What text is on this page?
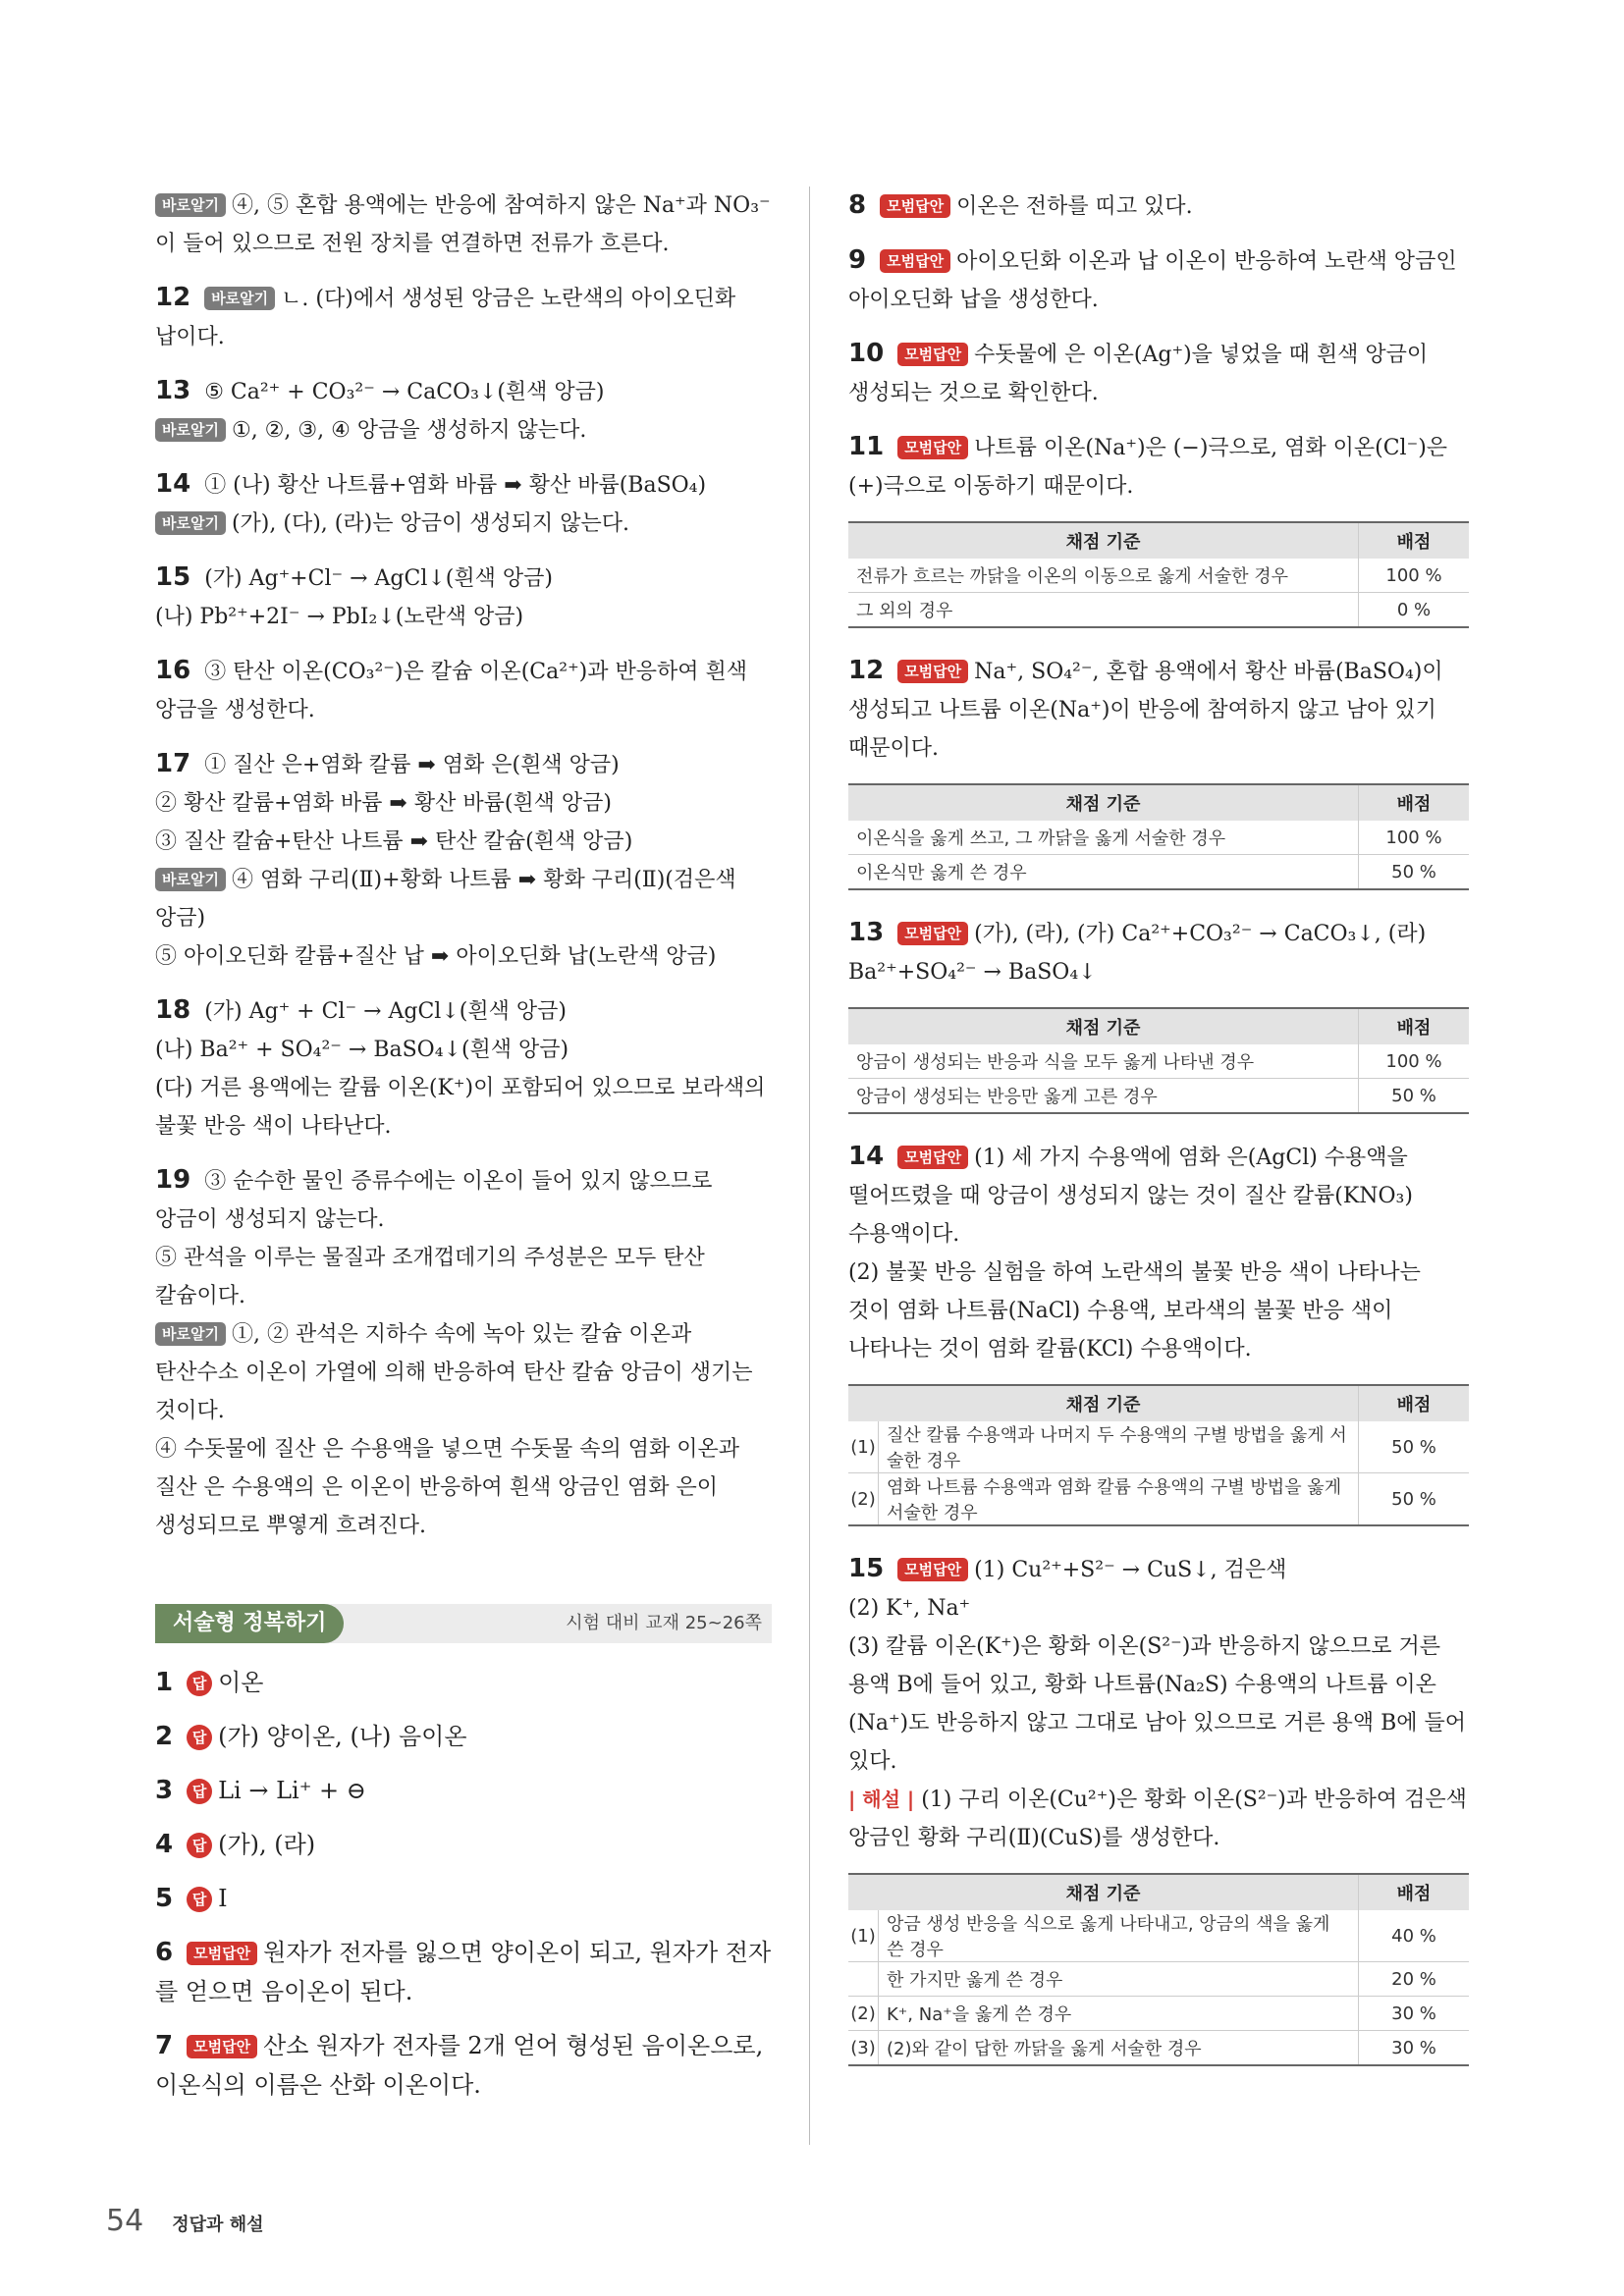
바로알기 ④, ⑤ 혼합 용액에는 반응에 참여하지 않은 Na⁺과 NO₃⁻이 들어 있으므로 전원 장치를 연결하면 전류가 흐른다.
12 바로알기 ㄴ. (다)에서 생성된 앙금은 노란색의 아이오딘화 납이다.
13 ⑤ Ca²⁺ + CO₃²⁻ → CaCO₃↓(흰색 앙금)
바로알기 ①, ②, ③, ④ 앙금을 생성하지 않는다.
14 ① (나) 황산 나트륨+염화 바륨 ➡ 황산 바륨(BaSO₄)
바로알기 (가), (다), (라)는 앙금이 생성되지 않는다.
15 (가) Ag⁺+Cl⁻ → AgCl↓(흰색 앙금)
(나) Pb²⁺+2I⁻ → PbI₂↓(노란색 앙금)
16 ③ 탄산 이온(CO₃²⁻)은 칼슘 이온(Ca²⁺)과 반응하여 흰색 앙금을 생성한다.
17 ① 질산 은+염화 칼륨 ➡ 염화 은(흰색 앙금)
② 황산 칼륨+염화 바륨 ➡ 황산 바륨(흰색 앙금)
③ 질산 칼슘+탄산 나트륨 ➡ 탄산 칼슘(흰색 앙금)
바로알기 ④ 염화 구리(Ⅱ)+황화 나트륨 ➡ 황화 구리(Ⅱ)(검은색 앙금)
⑤ 아이오딘화 칼륨+질산 납 ➡ 아이오딘화 납(노란색 앙금)
18 (가) Ag⁺ + Cl⁻ → AgCl↓(흰색 앙금)
(나) Ba²⁺ + SO₄²⁻ → BaSO₄↓(흰색 앙금)
(다) 거른 용액에는 칼륨 이온(K⁺)이 포함되어 있으므로 보라색의 불꽃 반응 색이 나타난다.
19 ③ 순수한 물인 증류수에는 이온이 들어 있지 않으므로 앙금이 생성되지 않는다.
⑤ 관석을 이루는 물질과 조개껍데기의 주성분은 모두 탄산 칼슘이다.
바로알기 ①, ② 관석은 지하수 속에 녹아 있는 칼슘 이온과 탄산수소 이온이 가열에 의해 반응하여 탄산 칼슘 앙금이 생기는 것이다.
④ 수돗물에 질산 은 수용액을 넣으면 수돗물 속의 염화 이온과 질산 은 수용액의 은 이온이 반응하여 흰색 앙금인 염화 은이 생성되므로 뿌옇게 흐려진다.
서술형 정복하기	시험 대비 교재 25~26쪽
1 답 이온
2 답 (가) 양이온, (나) 음이온
3 답 Li → Li⁺ + ⊖
4 답 (가), (라)
5 답 I
6 모범답안 원자가 전자를 잃으면 양이온이 되고, 원자가 전자를 얻으면 음이온이 된다.
7 모범답안 산소 원자가 전자를 2개 얻어 형성된 음이온으로, 이온식의 이름은 산화 이온이다.
8 모범답안 이온은 전하를 띠고 있다.
9 모범답안 아이오딘화 이온과 납 이온이 반응하여 노란색 앙금인 아이오딘화 납을 생성한다.
10 모범답안 수돗물에 은 이온(Ag⁺)을 넣었을 때 흰색 앙금이 생성되는 것으로 확인한다.
11 모범답안 나트륨 이온(Na⁺)은 (−)극으로, 염화 이온(Cl⁻)은 (+)극으로 이동하기 때문이다.
채점 기준	배점
전류가 흐르는 까닭을 이온의 이동으로 옳게 서술한 경우	100 %
그 외의 경우	0 %
12 모범답안 Na⁺, SO₄²⁻, 혼합 용액에서 황산 바륨(BaSO₄)이 생성되고 나트륨 이온(Na⁺)이 반응에 참여하지 않고 남아 있기 때문이다.
채점 기준	배점
이온식을 옳게 쓰고, 그 까닭을 옳게 서술한 경우	100 %
이온식만 옳게 쓴 경우	50 %
13 모범답안 (가), (라), (가) Ca²⁺+CO₃²⁻ → CaCO₃↓, (라) Ba²⁺+SO₄²⁻ → BaSO₄↓
채점 기준	배점
앙금이 생성되는 반응과 식을 모두 옳게 나타낸 경우	100 %
앙금이 생성되는 반응만 옳게 고른 경우	50 %
14 모범답안 (1) 세 가지 수용액에 염화 은(AgCl) 수용액을 떨어뜨렸을 때 앙금이 생성되지 않는 것이 질산 칼륨(KNO₃) 수용액이다.
(2) 불꽃 반응 실험을 하여 노란색의 불꽃 반응 색이 나타나는 것이 염화 나트륨(NaCl) 수용액, 보라색의 불꽃 반응 색이 나타나는 것이 염화 칼륨(KCl) 수용액이다.
채점 기준		배점
(1)	질산 칼륨 수용액과 나머지 두 수용액의 구별 방법을 옳게 서술한 경우	50 %
(2)	염화 나트륨 수용액과 염화 칼륨 수용액의 구별 방법을 옳게 서술한 경우	50 %
15 모범답안 (1) Cu²⁺+S²⁻ → CuS↓, 검은색
(2) K⁺, Na⁺
(3) 칼륨 이온(K⁺)은 황화 이온(S²⁻)과 반응하지 않으므로 거른 용액 B에 들어 있고, 황화 나트륨(Na₂S) 수용액의 나트륨 이온(Na⁺)도 반응하지 않고 그대로 남아 있으므로 거른 용액 B에 들어 있다.
| 해설 | (1) 구리 이온(Cu²⁺)은 황화 이온(S²⁻)과 반응하여 검은색 앙금인 황화 구리(Ⅱ)(CuS)를 생성한다.
채점 기준		배점
(1)	앙금 생성 반응을 식으로 옳게 나타내고, 앙금의 색을 옳게 쓴 경우	40 %
	한 가지만 옳게 쓴 경우	20 %
(2)	K⁺, Na⁺을 옳게 쓴 경우	30 %
(3)	(2)와 같이 답한 까닭을 옳게 서술한 경우	30 %
54 정답과 해설
